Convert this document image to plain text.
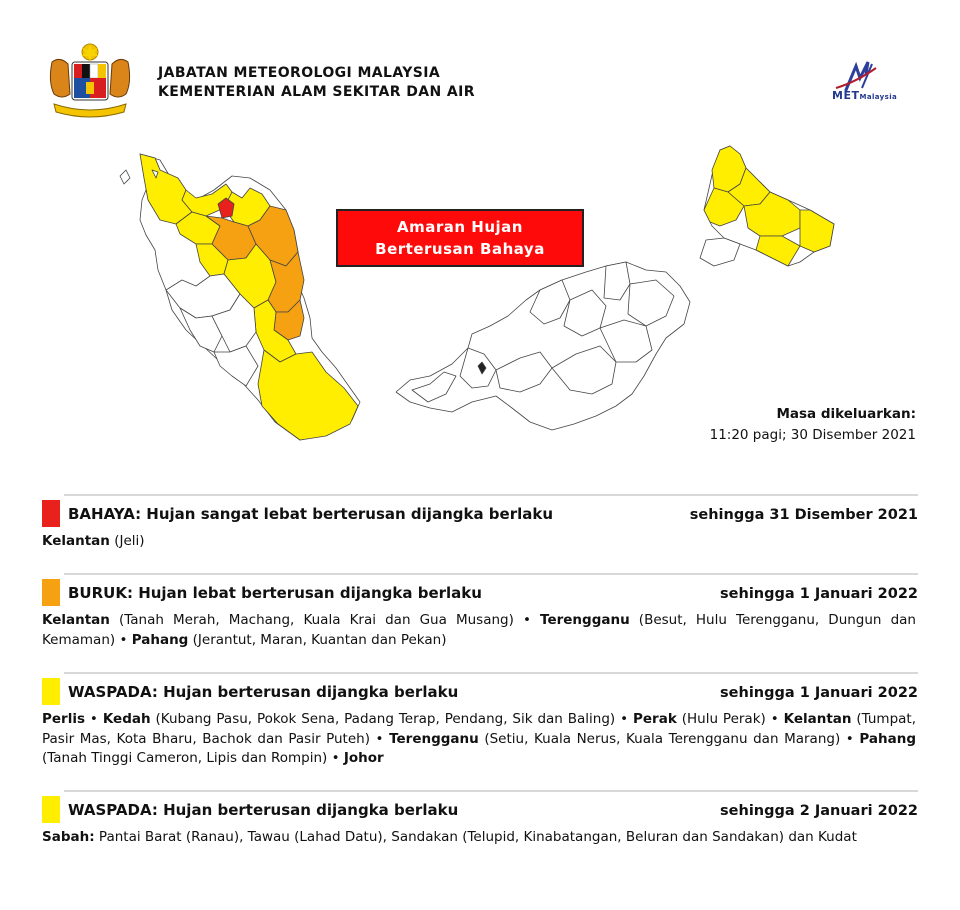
JABATAN METEOROLOGI MALAYSIA
KEMENTERIAN ALAM SEKITAR DAN AIR	METMalaysia
Amaran Hujan
Berterusan Bahaya
Masa dikeluarkan:
11:20 pagi; 30 Disember 2021
BAHAYA: Hujan sangat lebat berterusan dijangka berlaku	sehingga 31 Disember 2021
Kelantan (Jeli)
BURUK: Hujan lebat berterusan dijangka berlaku	sehingga 1 Januari 2022
Kelantan (Tanah Merah, Machang, Kuala Krai dan Gua Musang) • Terengganu (Besut, Hulu Terengganu, Dungun dan Kemaman) • Pahang (Jerantut, Maran, Kuantan dan Pekan)
WASPADA: Hujan berterusan dijangka berlaku	sehingga 1 Januari 2022
Perlis • Kedah (Kubang Pasu, Pokok Sena, Padang Terap, Pendang, Sik dan Baling) • Perak (Hulu Perak) • Kelantan (Tumpat, Pasir Mas, Kota Bharu, Bachok dan Pasir Puteh) • Terengganu (Setiu, Kuala Nerus, Kuala Terengganu dan Marang) • Pahang (Tanah Tinggi Cameron, Lipis dan Rompin) • Johor
WASPADA: Hujan berterusan dijangka berlaku	sehingga 2 Januari 2022
Sabah: Pantai Barat (Ranau), Tawau (Lahad Datu), Sandakan (Telupid, Kinabatangan, Beluran dan Sandakan) dan Kudat
